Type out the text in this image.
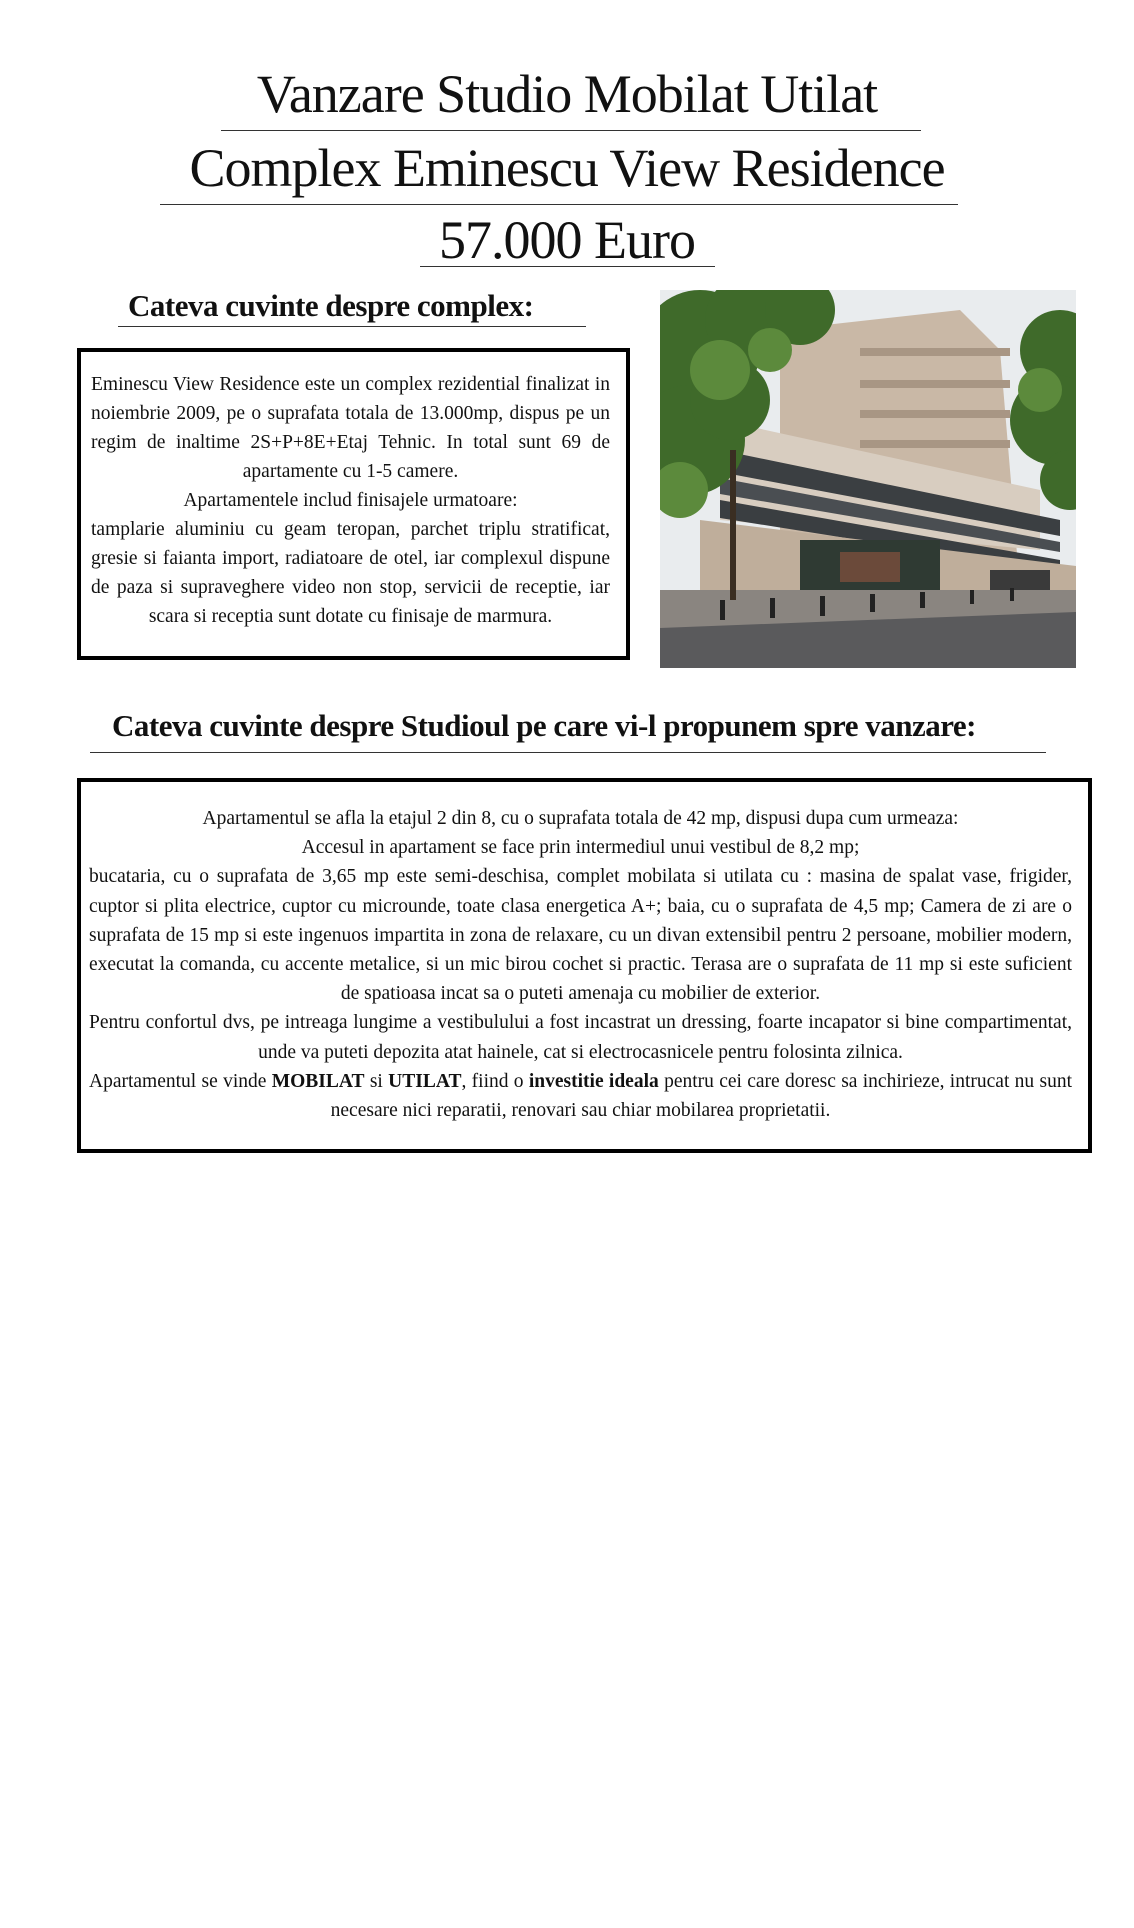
Vanzare Studio Mobilat Utilat
Complex Eminescu View Residence
57.000 Euro
Cateva cuvinte despre complex:

Eminescu View Residence este un complex rezidential finalizat in noiembrie 2009, pe o suprafata totala de 13.000mp, dispus pe un regim de inaltime 2S+P+8E+Etaj Tehnic. In total sunt 69 de apartamente cu 1-5 camere.

Apartamentele includ finisajele urmatoare:

tamplarie aluminiu cu geam teropan, parchet triplu stratificat, gresie si faianta import, radiatoare de otel, iar complexul dispune de paza si supraveghere video non stop, servicii de receptie, iar scara si receptia sunt dotate cu finisaje de marmura.

Cateva cuvinte despre Studioul pe care vi-l propunem spre vanzare:

Apartamentul se afla la etajul 2 din 8, cu o suprafata totala de 42 mp, dispusi dupa cum urmeaza:

Accesul in apartament se face prin intermediul unui vestibul de 8,2 mp;

bucataria, cu o suprafata de 3,65 mp este semi-deschisa, complet mobilata si utilata cu : masina de spalat vase, frigider, cuptor si plita electrice, cuptor cu microunde, toate clasa energetica A+; baia, cu o suprafata de 4,5 mp; Camera de zi are o suprafata de 15 mp si este ingenuos impartita in zona de relaxare, cu un divan extensibil pentru 2 persoane, mobilier modern, executat la comanda, cu accente metalice, si un mic birou cochet si practic. Terasa are o suprafata de 11 mp si este suficient de spatioasa incat sa o puteti amenaja cu mobilier de exterior.

Pentru confortul dvs, pe intreaga lungime a vestibulului a fost incastrat un dressing, foarte incapator si bine compartimentat, unde va puteti depozita atat hainele, cat si electrocasnicele pentru folosinta zilnica.

Apartamentul se vinde MOBILAT si UTILAT, fiind o investitie ideala pentru cei care doresc sa inchirieze, intrucat nu sunt necesare nici reparatii, renovari sau chiar mobilarea proprietatii.
